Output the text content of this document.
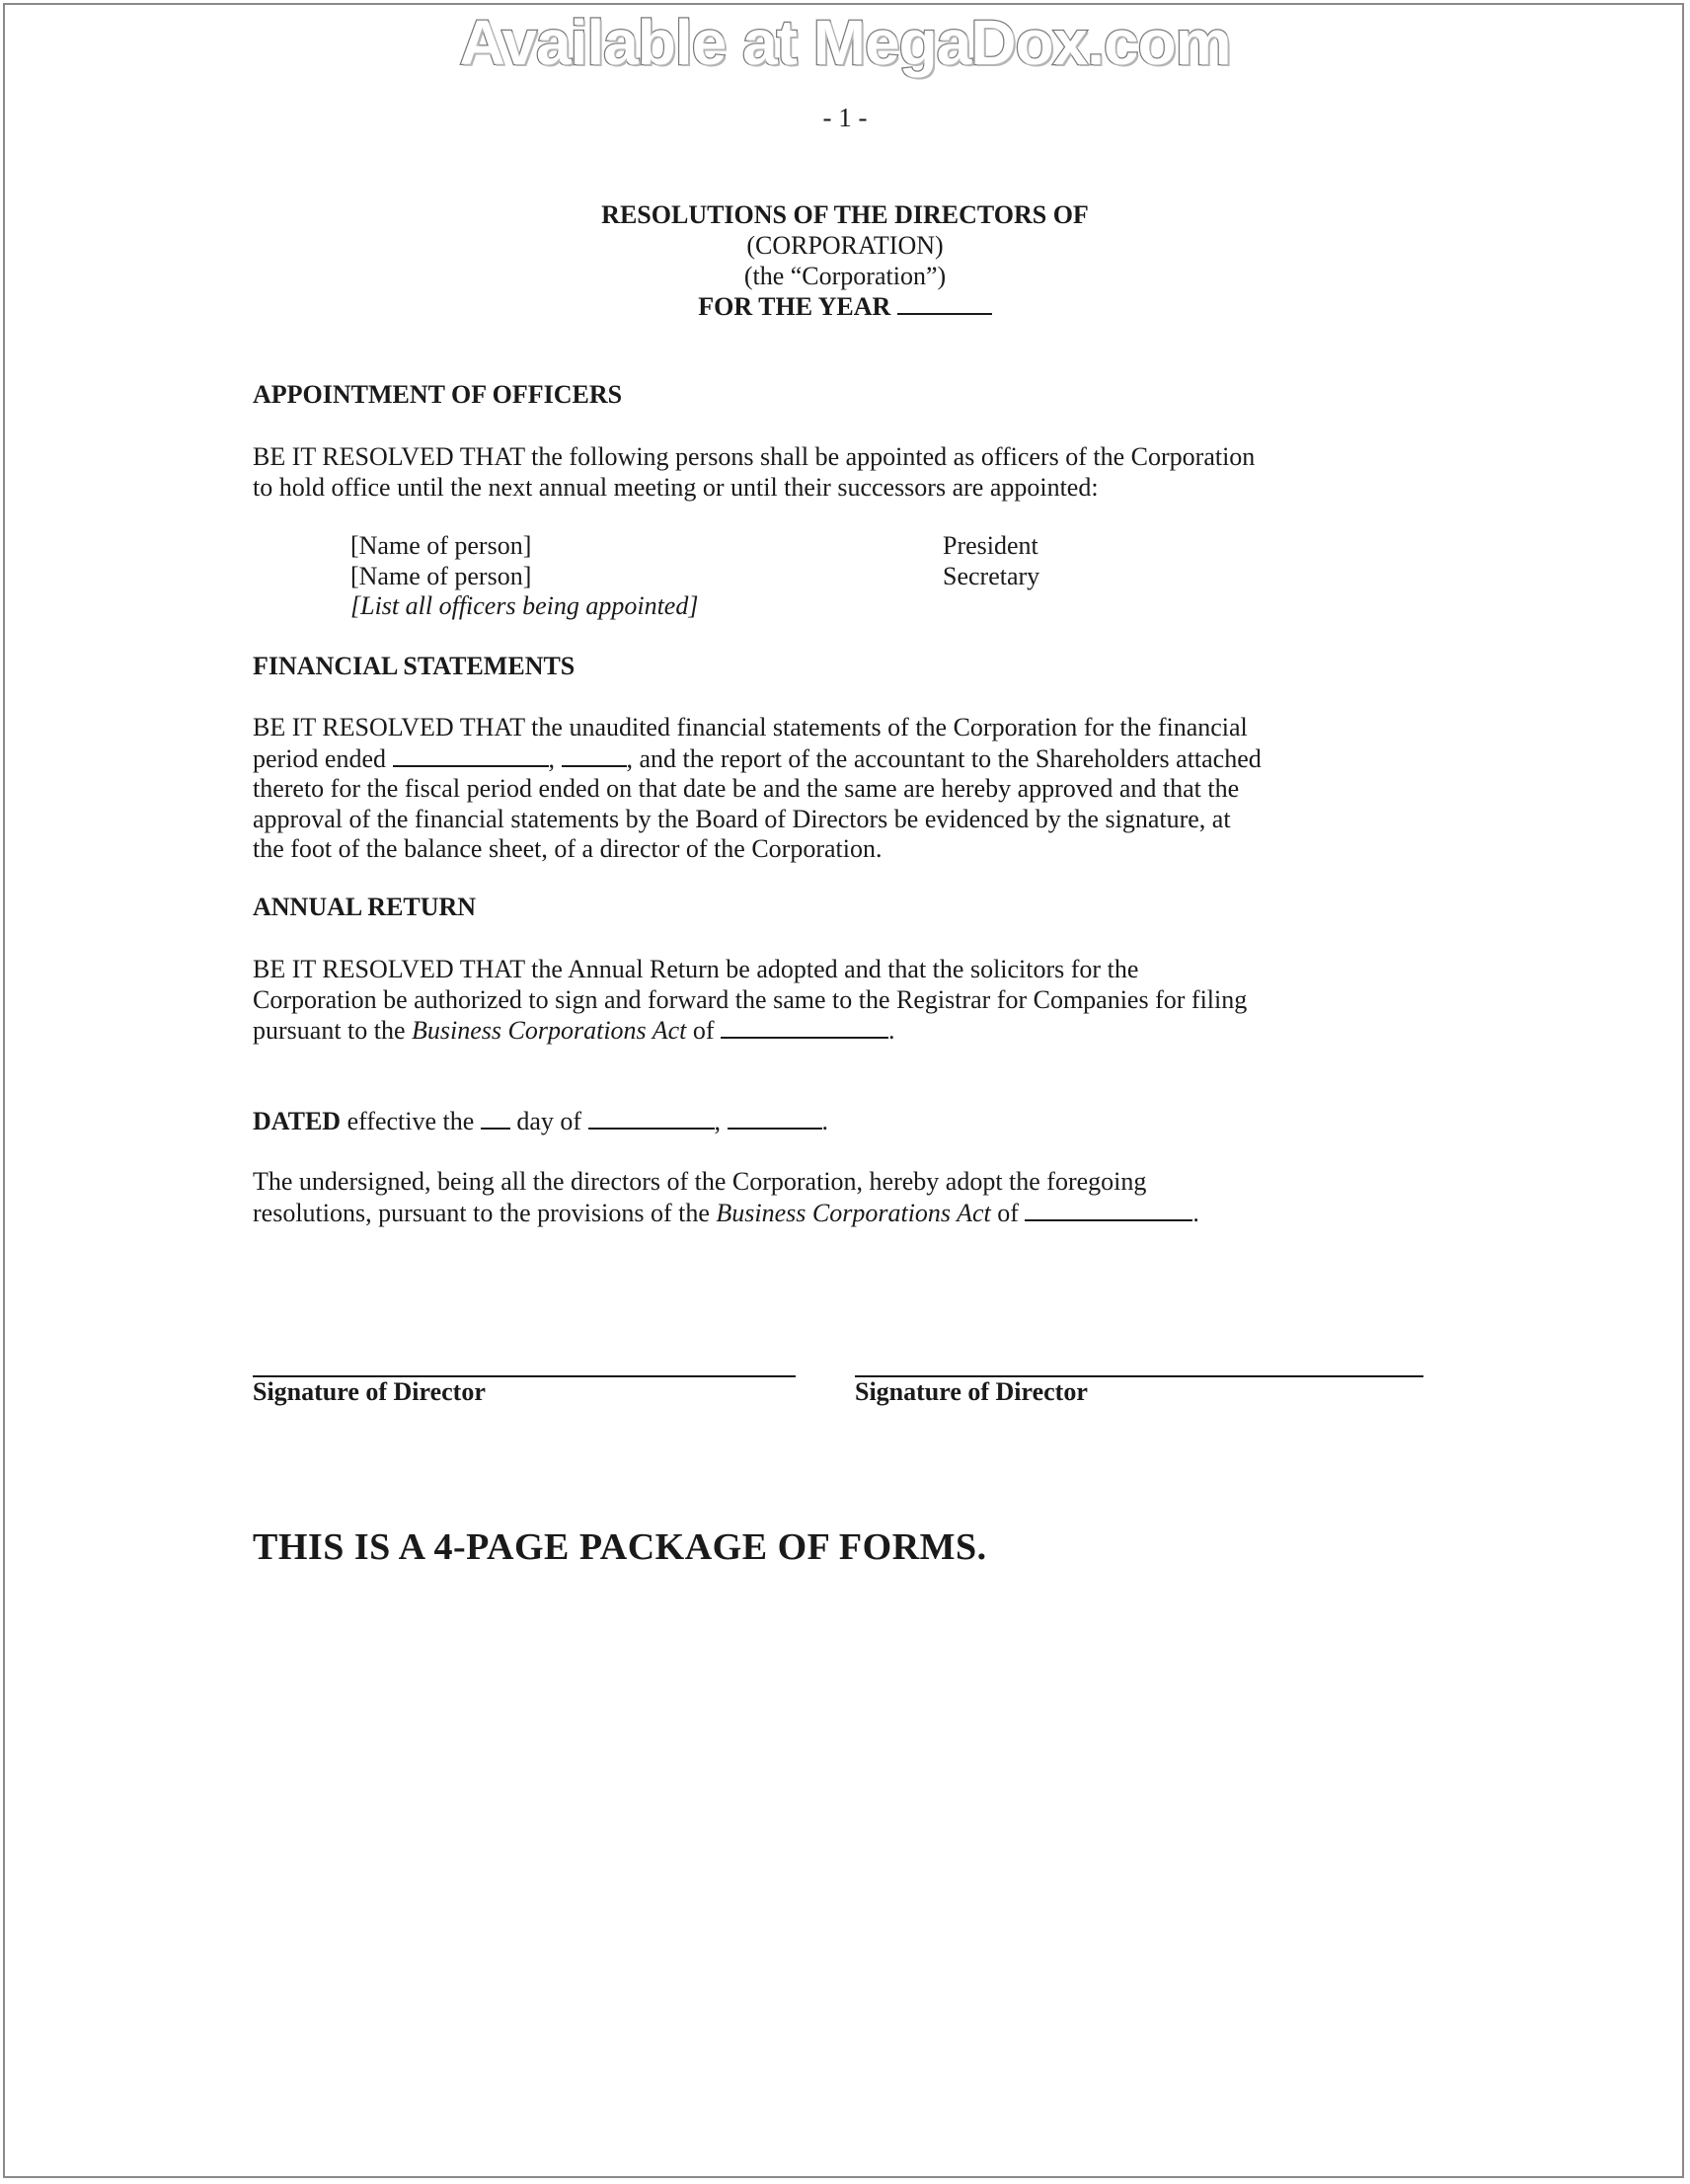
Available at MegaDox.com
- 1 -
RESOLUTIONS OF THE DIRECTORS OF
(CORPORATION)
(the “Corporation”)
FOR THE YEAR
APPOINTMENT OF OFFICERS
BE IT RESOLVED THAT the following persons shall be appointed as officers of the Corporation
to hold office until the next annual meeting or until their successors are appointed:
[Name of person]	President
[Name of person]	Secretary
[List all officers being appointed]
FINANCIAL STATEMENTS
BE IT RESOLVED THAT the unaudited financial statements of the Corporation for the financial
period ended	,	, and the report of the accountant to the Shareholders attached
thereto for the fiscal period ended on that date be and the same are hereby approved and that the
approval of the financial statements by the Board of Directors be evidenced by the signature, at
the foot of the balance sheet, of a director of the Corporation.
ANNUAL RETURN
BE IT RESOLVED THAT the Annual Return be adopted and that the solicitors for the
Corporation be authorized to sign and forward the same to the Registrar for Companies for filing
pursuant to the Business Corporations Act of	.
DATED effective the day of	,	.
The undersigned, being all the directors of the Corporation, hereby adopt the foregoing
resolutions, pursuant to the provisions of the Business Corporations Act of	.
Signature of Director	Signature of Director
THIS IS A 4-PAGE PACKAGE OF FORMS.
